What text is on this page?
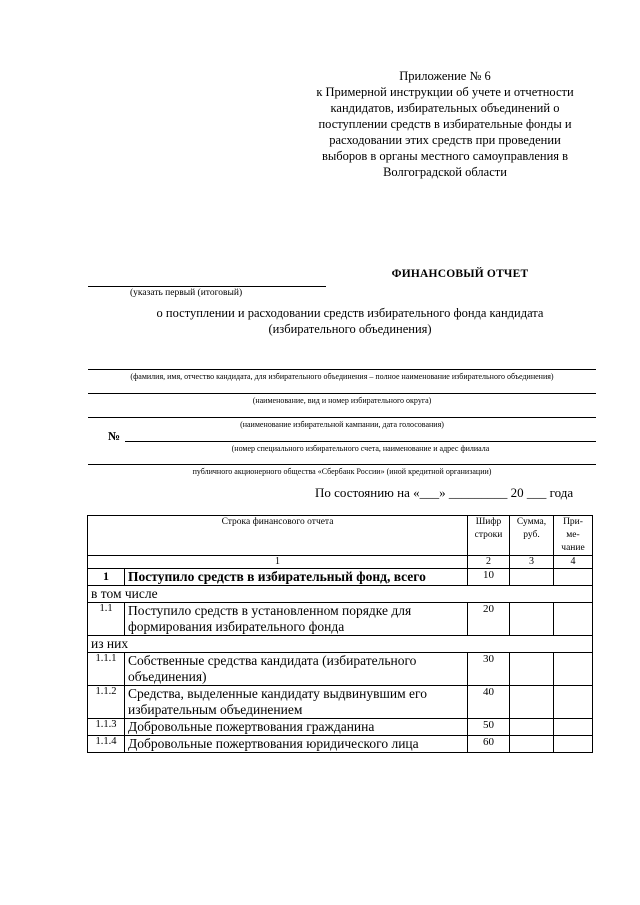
Приложение № 6
к Примерной инструкции об учете и отчетности
кандидатов, избирательных объединений о
поступлении средств в избирательные фонды и
расходовании этих средств при проведении
выборов в органы местного самоуправления в
Волгоградской области
ФИНАНСОВЫЙ ОТЧЕТ
(указать первый (итоговый)
о поступлении и расходовании средств избирательного фонда кандидата
(избирательного объединения)
(фамилия, имя, отчество кандидата, для избирательного объединения – полное наименование избирательного объединения)
(наименование, вид и номер избирательного округа)
(наименование избирательной кампании, дата голосования)
№
(номер специального избирательного счета, наименование и адрес филиала
публичного акционерного общества «Сбербанк России» (иной кредитной организации)
По состоянию на «___» _________ 20 ___ года
Строка финансового отчета		Шифр строки	Сумма, руб.	При-ме-чание
1		2	3	4
1	Поступило средств в избирательный фонд, всего	10		
в том числе				
1.1	Поступило средств в установленном порядке для формирования избирательного фонда	20		
из них				
1.1.1	Собственные средства кандидата (избирательного объединения)	30		
1.1.2	Средства, выделенные кандидату выдвинувшим его избирательным объединением	40		
1.1.3	Добровольные пожертвования гражданина	50		
1.1.4	Добровольные пожертвования юридического лица	60		
